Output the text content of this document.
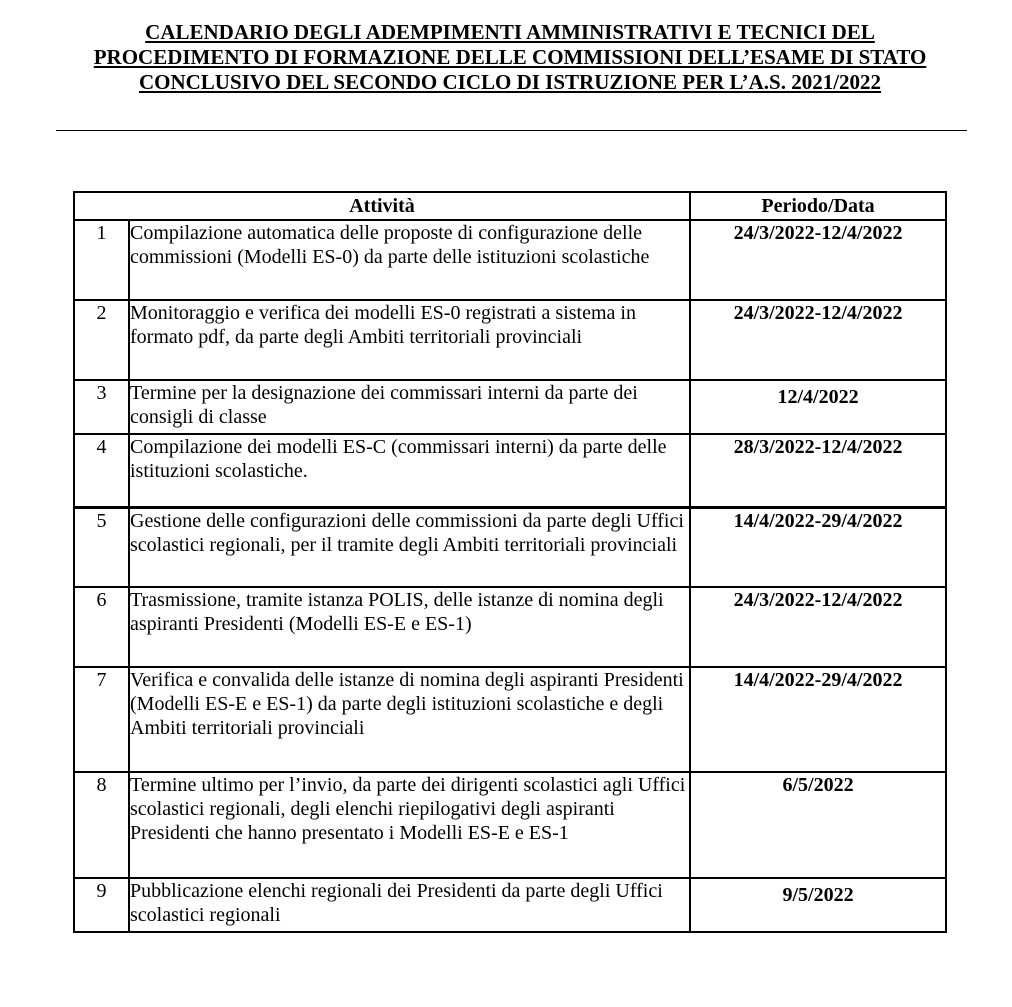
CALENDARIO DEGLI ADEMPIMENTI AMMINISTRATIVI E TECNICI DEL
PROCEDIMENTO DI FORMAZIONE DELLE COMMISSIONI DELL’ESAME DI STATO
CONCLUSIVO DEL SECONDO CICLO DI ISTRUZIONE PER L’A.S. 2021/2022
Attività		Periodo/Data
1	Compilazione automatica delle proposte di configurazione delle commissioni (Modelli ES-0) da parte delle istituzioni scolastiche	24/3/2022-12/4/2022
2	Monitoraggio e verifica dei modelli ES-0 registrati a sistema in formato pdf, da parte degli Ambiti territoriali provinciali	24/3/2022-12/4/2022
3	Termine per la designazione dei commissari interni da parte dei consigli di classe	12/4/2022
4	Compilazione dei modelli ES-C (commissari interni) da parte delle istituzioni scolastiche.	28/3/2022-12/4/2022
5	Gestione delle configurazioni delle commissioni da parte degli Uffici scolastici regionali, per il tramite degli Ambiti territoriali provinciali	14/4/2022-29/4/2022
6	Trasmissione, tramite istanza POLIS, delle istanze di nomina degli aspiranti Presidenti (Modelli ES-E e ES-1)	24/3/2022-12/4/2022
7	Verifica e convalida delle istanze di nomina degli aspiranti Presidenti (Modelli ES-E e ES-1) da parte degli istituzioni scolastiche e degli Ambiti territoriali provinciali	14/4/2022-29/4/2022
8	Termine ultimo per l’invio, da parte dei dirigenti scolastici agli Uffici scolastici regionali, degli elenchi riepilogativi degli aspiranti Presidenti che hanno presentato i Modelli ES-E e ES-1	6/5/2022
9	Pubblicazione elenchi regionali dei Presidenti da parte degli Uffici scolastici regionali	9/5/2022
